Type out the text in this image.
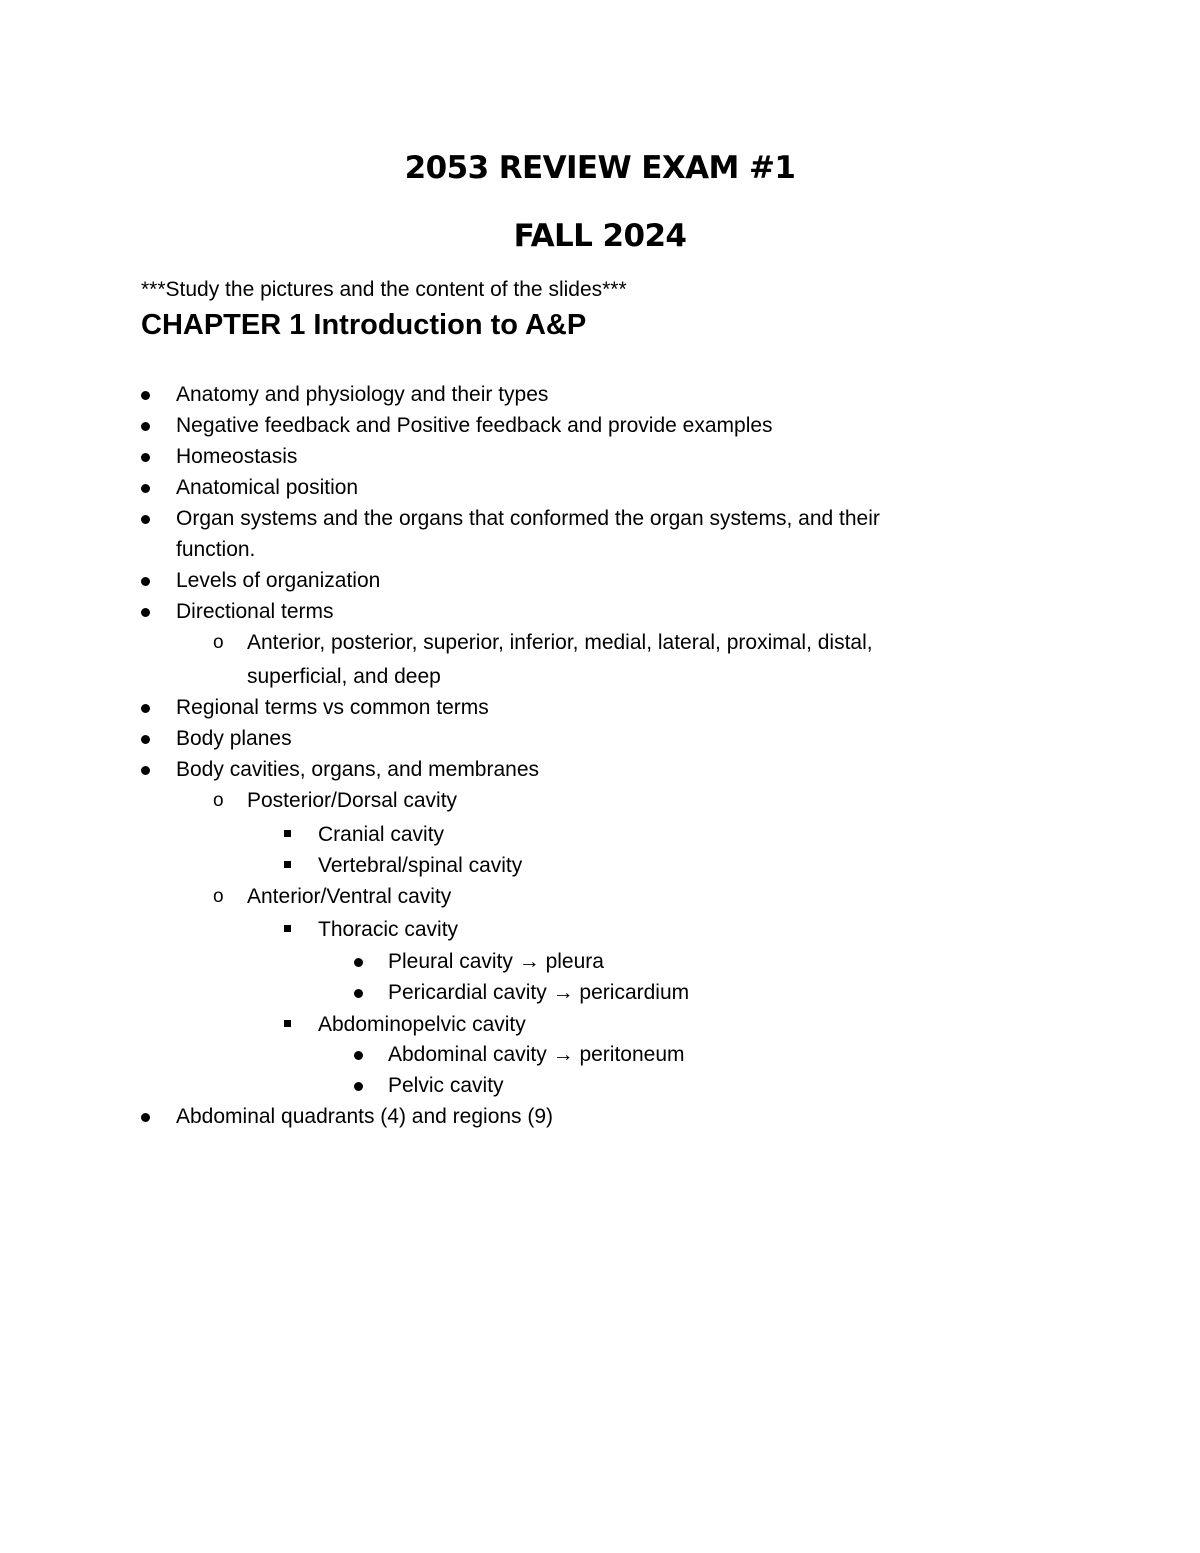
2053 REVIEW EXAM #1
FALL 2024
***Study the pictures and the content of the slides***
CHAPTER 1 Introduction to A&P
Anatomy and physiology and their types
Negative feedback and Positive feedback and provide examples
Homeostasis
Anatomical position
Organ systems and the organs that conformed the organ systems, and their
function.
Levels of organization
Directional terms
o Anterior, posterior, superior, inferior, medial, lateral, proximal, distal,
superficial, and deep
Regional terms vs common terms
Body planes
Body cavities, organs, and membranes
o Posterior/Dorsal cavity
Cranial cavity
Vertebral/spinal cavity
o Anterior/Ventral cavity
Thoracic cavity
Pleural cavity → pleura
Pericardial cavity → pericardium
Abdominopelvic cavity
Abdominal cavity → peritoneum
Pelvic cavity
Abdominal quadrants (4) and regions (9)
